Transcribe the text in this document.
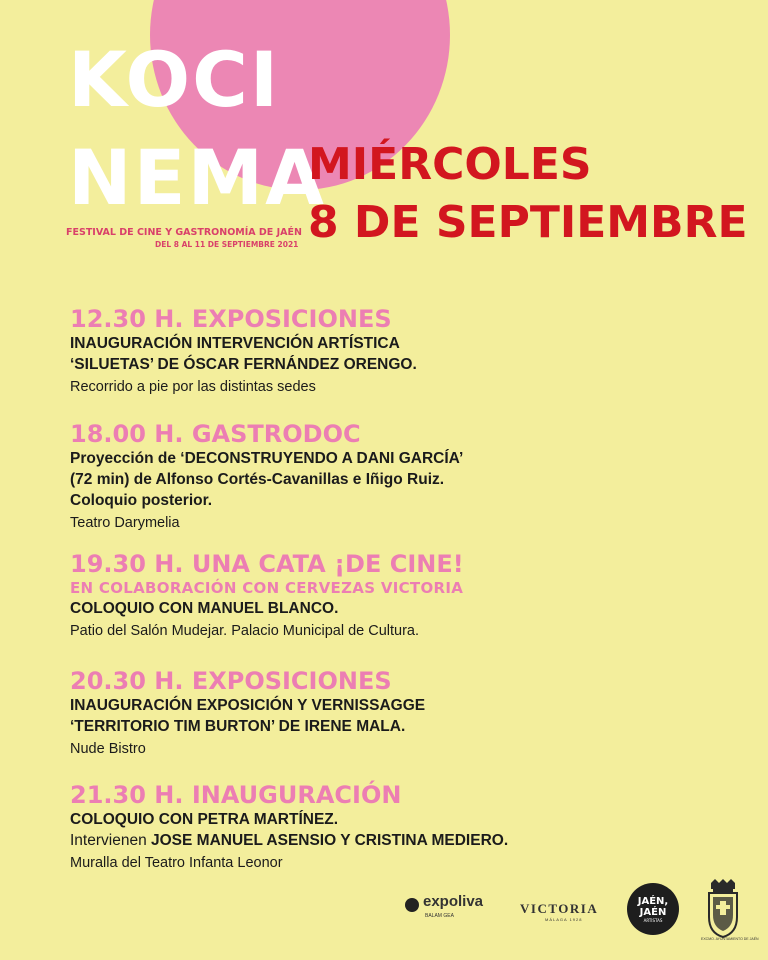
KOCI
NEMA
FESTIVAL DE CINE Y GASTRONOMÍA DE JAÉN
DEL 8 AL 11 DE SEPTIEMBRE 2021
MIÉRCOLES
8 DE SEPTIEMBRE
12.30 H. EXPOSICIONES
INAUGURACIÓN INTERVENCIÓN ARTÍSTICA
‘SILUETAS’ DE ÓSCAR FERNÁNDEZ ORENGO.
Recorrido a pie por las distintas sedes
18.00 H. GASTRODOC
Proyección de ‘DECONSTRUYENDO A DANI GARCÍA’
(72 min) de Alfonso Cortés-Cavanillas e Iñigo Ruiz.
Coloquio posterior.
Teatro Darymelia
19.30 H. UNA CATA ¡DE CINE!
EN COLABORACIÓN CON CERVEZAS VICTORIA
COLOQUIO CON MANUEL BLANCO.
Patio del Salón Mudejar. Palacio Municipal de Cultura.
20.30 H. EXPOSICIONES
INAUGURACIÓN EXPOSICIÓN Y VERNISSAGGE
‘TERRITORIO TIM BURTON’ DE IRENE MALA.
Nude Bistro
21.30 H. INAUGURACIÓN
COLOQUIO CON PETRA MARTÍNEZ.
Intervienen JOSE MANUEL ASENSIO Y CRISTINA MEDIERO.
Muralla del Teatro Infanta Leonor
expoliva
BALAM GEA	VICTORIA
MÁLAGA 1928
JAÉN,
JAÉN
ARTISTAS
EXCMO. AYUNTAMIENTO DE JAÉN
